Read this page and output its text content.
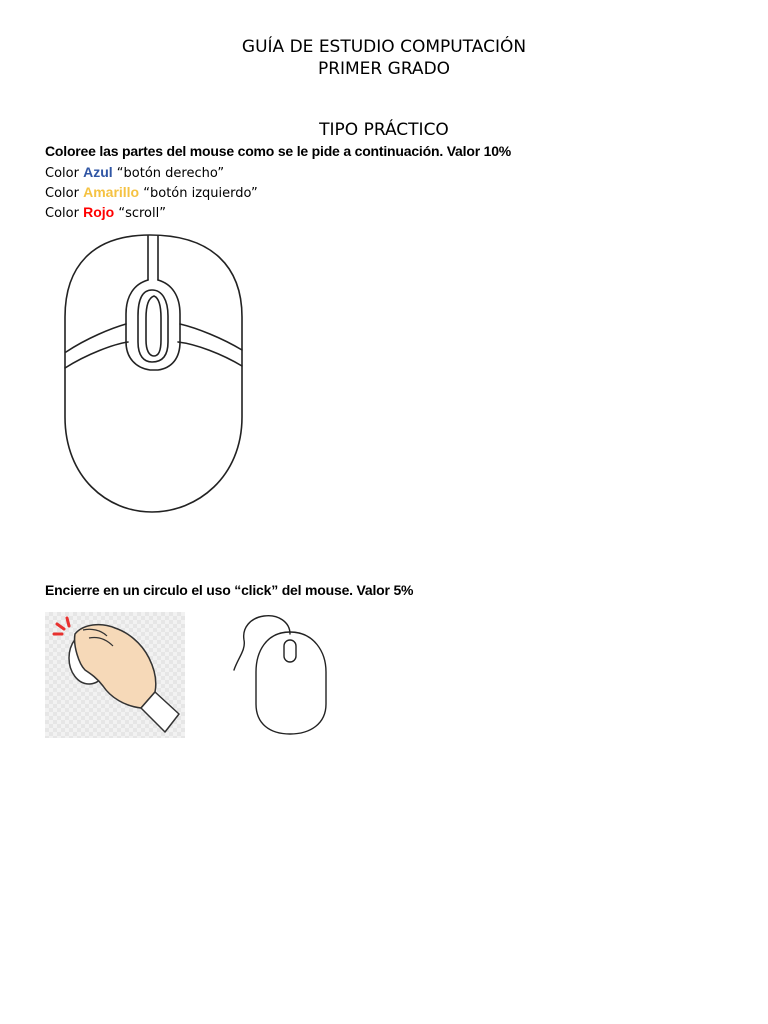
GUÍA DE ESTUDIO COMPUTACIÓN
PRIMER GRADO
TIPO PRÁCTICO
Coloree las partes del mouse como se le pide a continuación. Valor 10%
Color Azul “botón derecho”
Color Amarillo “botón izquierdo”
Color Rojo “scroll”
Encierre en un circulo el uso “click” del mouse. Valor 5%
